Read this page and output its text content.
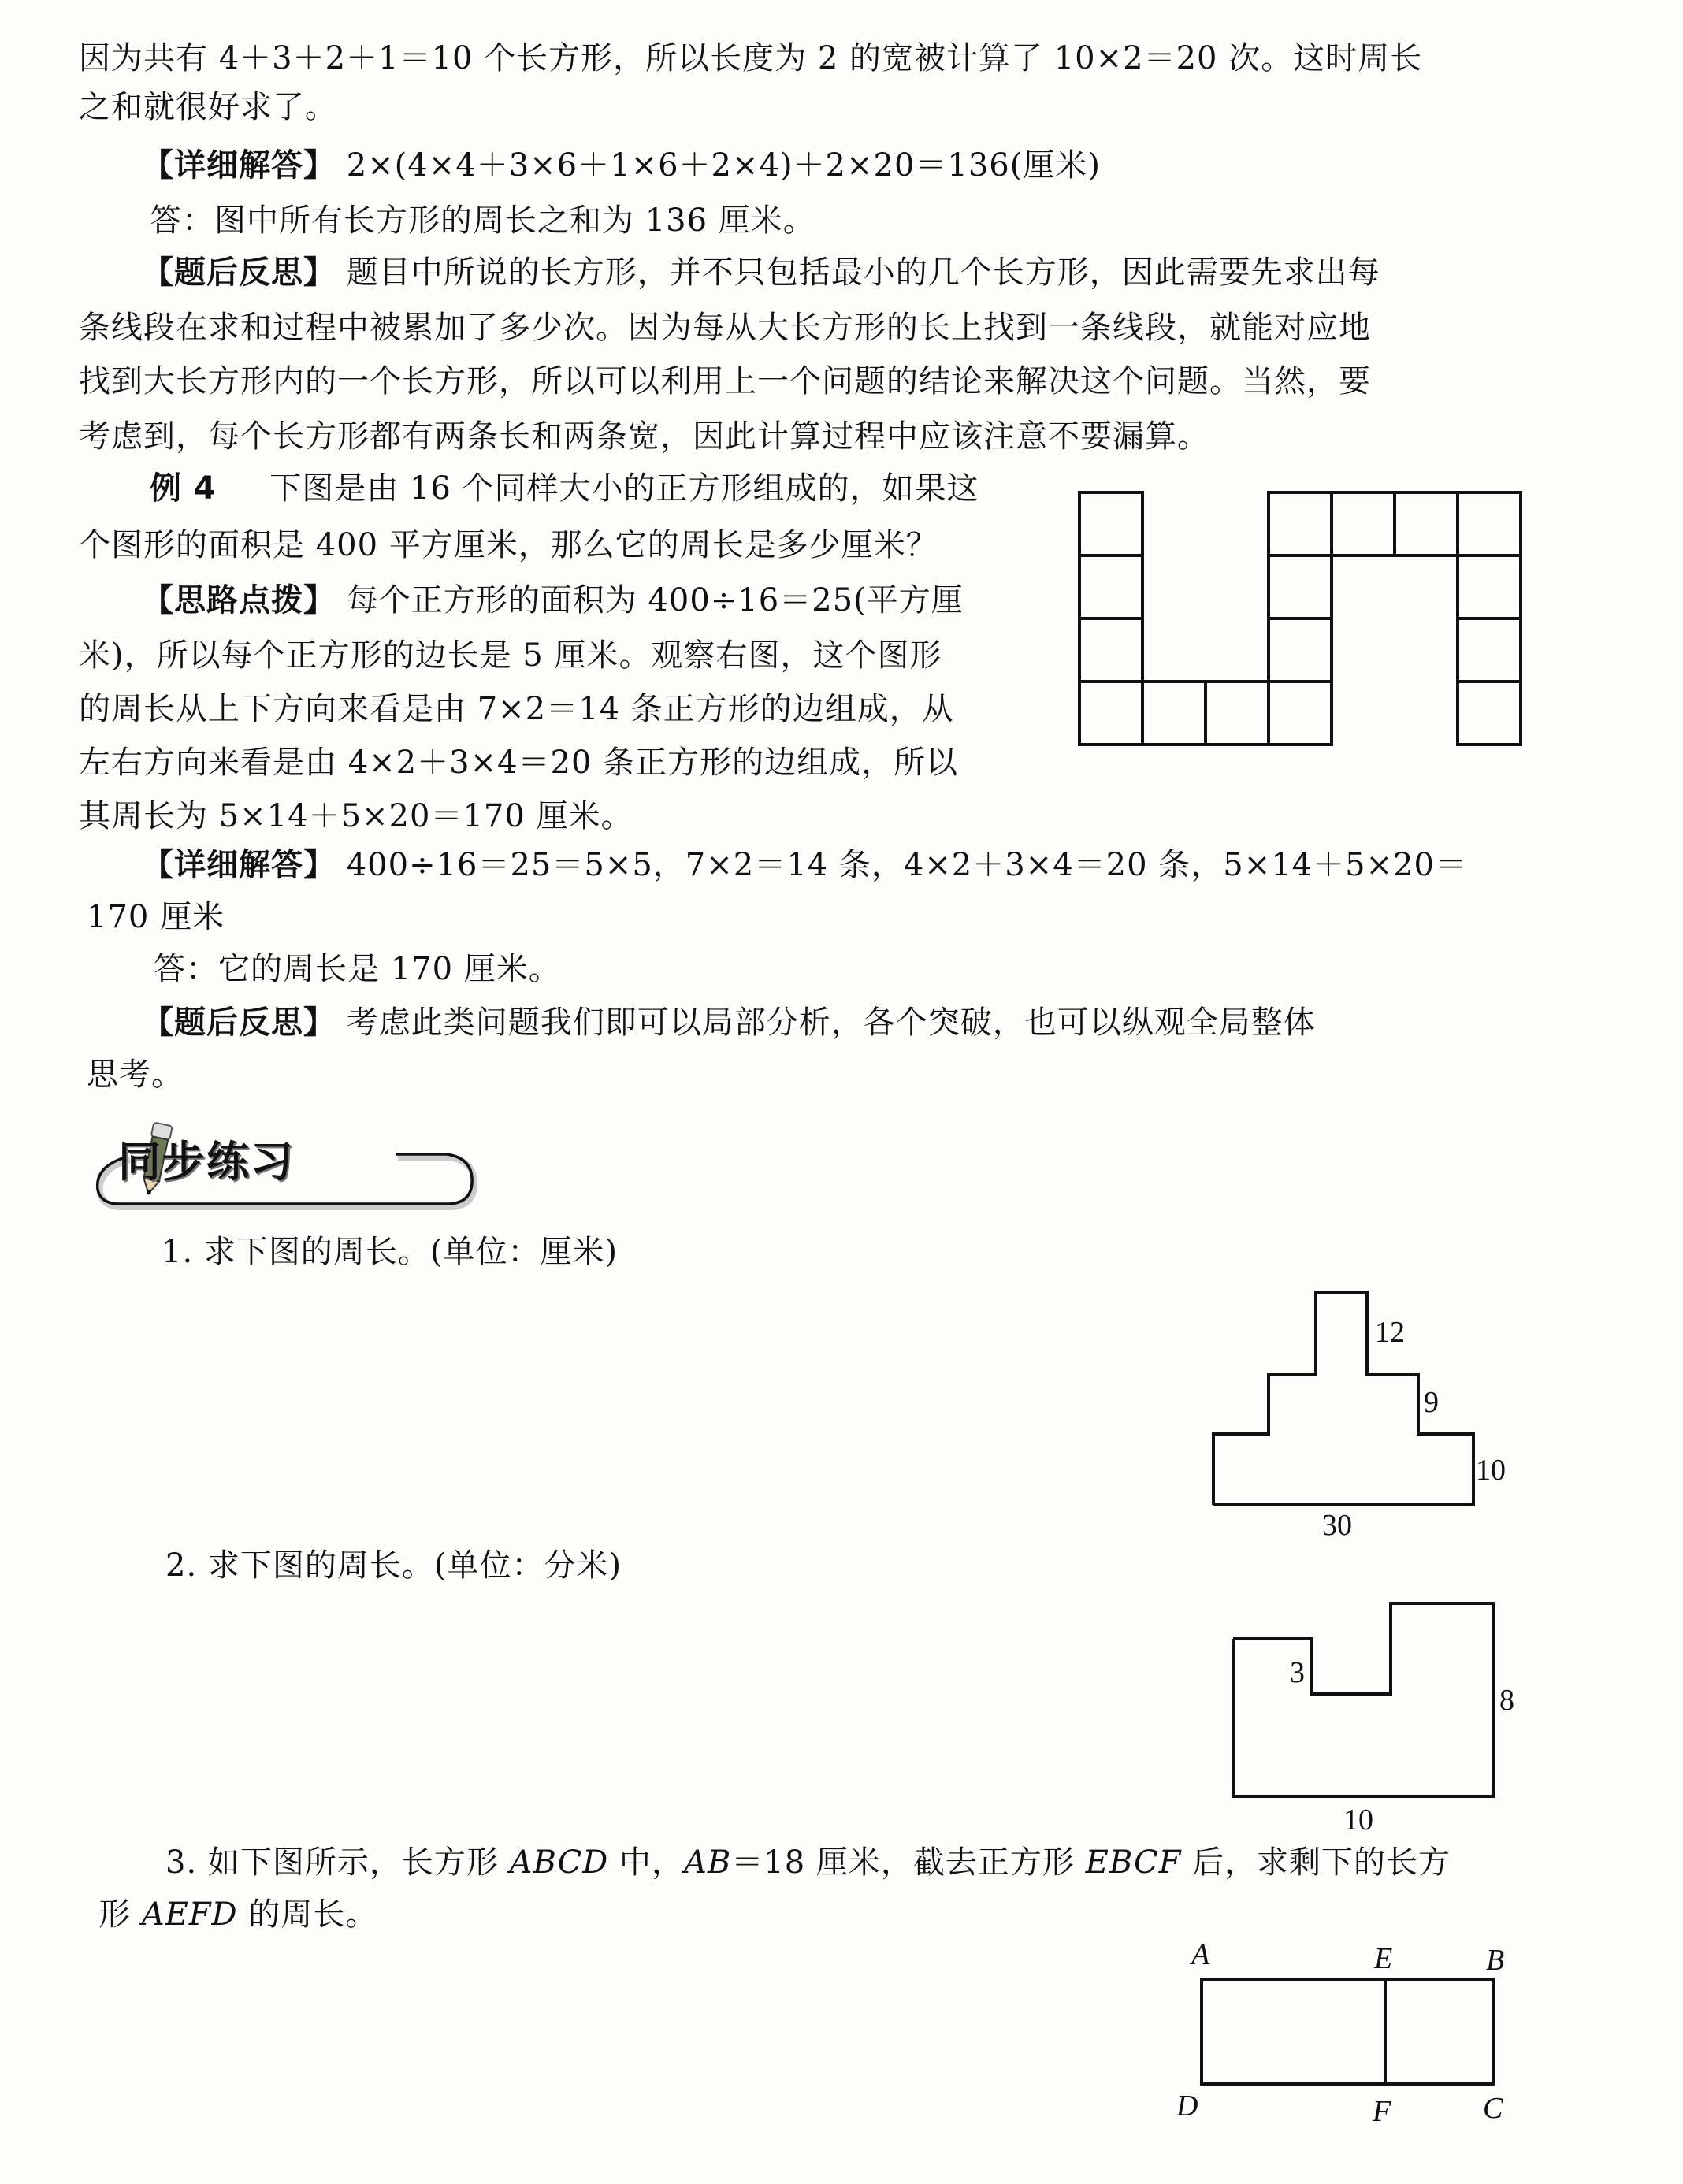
因为共有 4＋3＋2＋1＝10 个长方形，所以长度为 2 的宽被计算了 10×2＝20 次。这时周长
之和就很好求了。
【详细解答】 2×(4×4＋3×6＋1×6＋2×4)＋2×20＝136(厘米)
答：图中所有长方形的周长之和为 136 厘米。
【题后反思】 题目中所说的长方形，并不只包括最小的几个长方形，因此需要先求出每
条线段在求和过程中被累加了多少次。因为每从大长方形的长上找到一条线段，就能对应地
找到大长方形内的一个长方形，所以可以利用上一个问题的结论来解决这个问题。当然，要
考虑到，每个长方形都有两条长和两条宽，因此计算过程中应该注意不要漏算。
例 4 下图是由 16 个同样大小的正方形组成的，如果这
个图形的面积是 400 平方厘米，那么它的周长是多少厘米？
【思路点拨】 每个正方形的面积为 400÷16＝25(平方厘
米)，所以每个正方形的边长是 5 厘米。观察右图，这个图形
的周长从上下方向来看是由 7×2＝14 条正方形的边组成，从
左右方向来看是由 4×2＋3×4＝20 条正方形的边组成，所以
其周长为 5×14＋5×20＝170 厘米。
【详细解答】 400÷16＝25＝5×5，7×2＝14 条，4×2＋3×4＝20 条，5×14＋5×20＝
170 厘米
答：它的周长是 170 厘米。
【题后反思】 考虑此类问题我们即可以局部分析，各个突破，也可以纵观全局整体
思考。
同步练习
1. 求下图的周长。(单位：厘米)
12
9
10
30
2. 求下图的周长。(单位：分米)
3
8
10
3. 如下图所示，长方形 ABCD 中，AB＝18 厘米，截去正方形 EBCF 后，求剩下的长方
形 AEFD 的周长。
A	E	B
D	F	C
